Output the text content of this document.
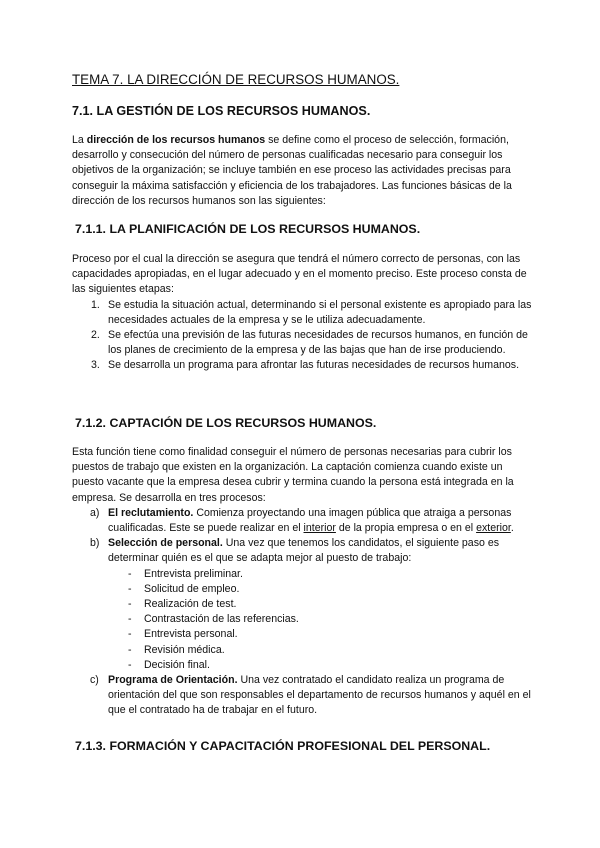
TEMA 7. LA DIRECCIÓN DE RECURSOS HUMANOS.
7.1. LA GESTIÓN DE LOS RECURSOS HUMANOS.

La dirección de los recursos humanos se define como el proceso de selección, formación, desarrollo y consecución del número de personas cualificadas necesario para conseguir los objetivos de la organización; se incluye también en ese proceso las actividades precisas para conseguir la máxima satisfacción y eficiencia de los trabajadores. Las funciones básicas de la dirección de los recursos humanos son las siguientes:

7.1.1. LA PLANIFICACIÓN DE LOS RECURSOS HUMANOS.

Proceso por el cual la dirección se asegura que tendrá el número correcto de personas, con las capacidades apropiadas, en el lugar adecuado y en el momento preciso. Este proceso consta de las siguientes etapas:

1. Se estudia la situación actual, determinando si el personal existente es apropiado para las necesidades actuales de la empresa y se le utiliza adecuadamente.
2. Se efectúa una previsión de las futuras necesidades de recursos humanos, en función de los planes de crecimiento de la empresa y de las bajas que han de irse produciendo.
3. Se desarrolla un programa para afrontar las futuras necesidades de recursos humanos.
7.1.2. CAPTACIÓN DE LOS RECURSOS HUMANOS.

Esta función tiene como finalidad conseguir el número de personas necesarias para cubrir los puestos de trabajo que existen en la organización. La captación comienza cuando existe un puesto vacante que la empresa desea cubrir y termina cuando la persona está integrada en la empresa. Se desarrolla en tres procesos:

a) El reclutamiento. Comienza proyectando una imagen pública que atraiga a personas cualificadas. Este se puede realizar en el interior de la propia empresa o en el exterior.
b) Selección de personal. Una vez que tenemos los candidatos, el siguiente paso es determinar quién es el que se adapta mejor al puesto de trabajo:
- Entrevista preliminar.
- Solicitud de empleo.
- Realización de test.
- Contrastación de las referencias.
- Entrevista personal.
- Revisión médica.
- Decisión final.
c) Programa de Orientación. Una vez contratado el candidato realiza un programa de orientación del que son responsables el departamento de recursos humanos y aquél en el que el contratado ha de trabajar en el futuro.
7.1.3. FORMACIÓN Y CAPACITACIÓN PROFESIONAL DEL PERSONAL.
